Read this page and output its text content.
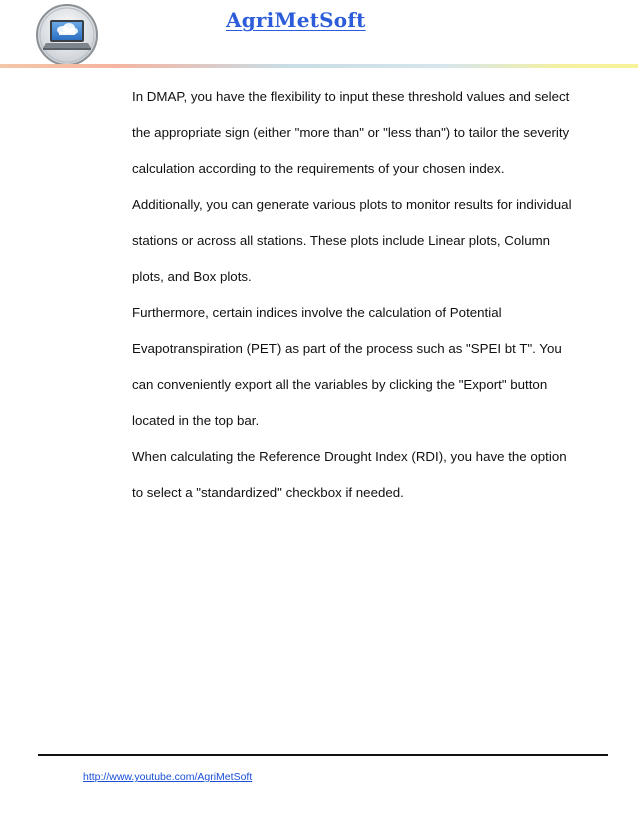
AgriMetSoft

In DMAP, you have the flexibility to input these threshold values and select the appropriate sign (either "more than" or "less than") to tailor the severity calculation according to the requirements of your chosen index.

Additionally, you can generate various plots to monitor results for individual stations or across all stations. These plots include Linear plots, Column plots, and Box plots.

Furthermore, certain indices involve the calculation of Potential Evapotranspiration (PET) as part of the process such as "SPEI bt T". You can conveniently export all the variables by clicking the "Export" button located in the top bar.

When calculating the Reference Drought Index (RDI), you have the option to select a "standardized" checkbox if needed.

http://www.youtube.com/AgriMetSoft
